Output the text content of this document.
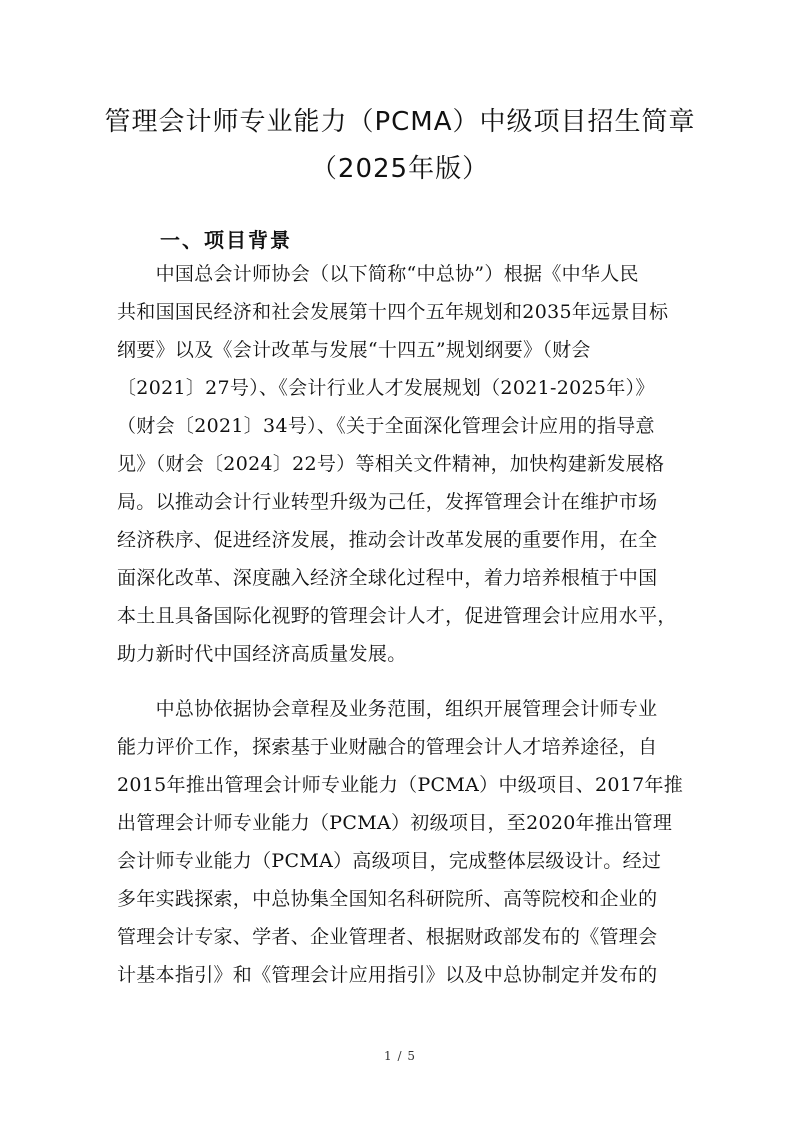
管理会计师专业能力（PCMA）中级项目招生简章
（2025年版）
一、项目背景
　　中国总会计师协会（以下简称“中总协”）根据《中华人民
共和国国民经济和社会发展第十四个五年规划和2035年远景目标
纲要》以及《会计改革与发展“十四五”规划纲要》（财会
〔2021〕27号）、《会计行业人才发展规划（2021-2025年）》
（财会〔2021〕34号）、《关于全面深化管理会计应用的指导意
见》（财会〔2024〕22号）等相关文件精神，加快构建新发展格
局。以推动会计行业转型升级为己任，发挥管理会计在维护市场
经济秩序、促进经济发展，推动会计改革发展的重要作用，在全
面深化改革、深度融入经济全球化过程中，着力培养根植于中国
本土且具备国际化视野的管理会计人才，促进管理会计应用水平，
助力新时代中国经济高质量发展。
　　中总协依据协会章程及业务范围，组织开展管理会计师专业
能力评价工作，探索基于业财融合的管理会计人才培养途径，自
2015年推出管理会计师专业能力（PCMA）中级项目、2017年推
出管理会计师专业能力（PCMA）初级项目，至2020年推出管理
会计师专业能力（PCMA）高级项目，完成整体层级设计。经过
多年实践探索，中总协集全国知名科研院所、高等院校和企业的
管理会计专家、学者、企业管理者、根据财政部发布的《管理会
计基本指引》和《管理会计应用指引》以及中总协制定并发布的
1 / 5
